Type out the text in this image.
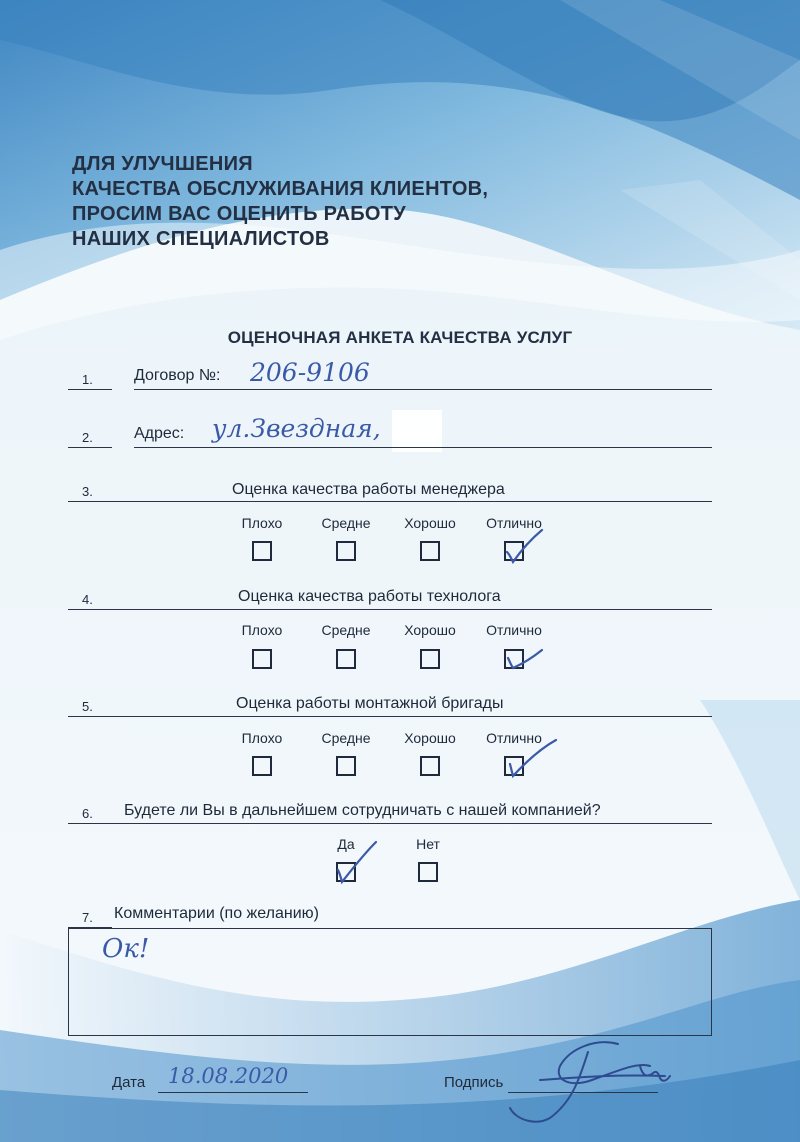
ДЛЯ УЛУЧШЕНИЯ
КАЧЕСТВА ОБСЛУЖИВАНИЯ КЛИЕНТОВ,
ПРОСИМ ВАС ОЦЕНИТЬ РАБОТУ
НАШИХ СПЕЦИАЛИСТОВ
ОЦЕНОЧНАЯ АНКЕТА КАЧЕСТВА УСЛУГ
1.	Договор №: 206-9106
2.	Адрес: ул.Звездная,
3.	Оценка качества работы менеджера
Плохо	Средне	Хорошо	Отлично
4.	Оценка качества работы технолога
Плохо	Средне	Хорошо	Отлично
5.	Оценка работы монтажной бригады
Плохо	Средне	Хорошо	Отлично
6. Будете ли Вы в дальнейшем сотрудничать с нашей компанией?
Да	Нет
7. Комментарии (по желанию)
Ок!
Дата 18.08.2020	Подпись
